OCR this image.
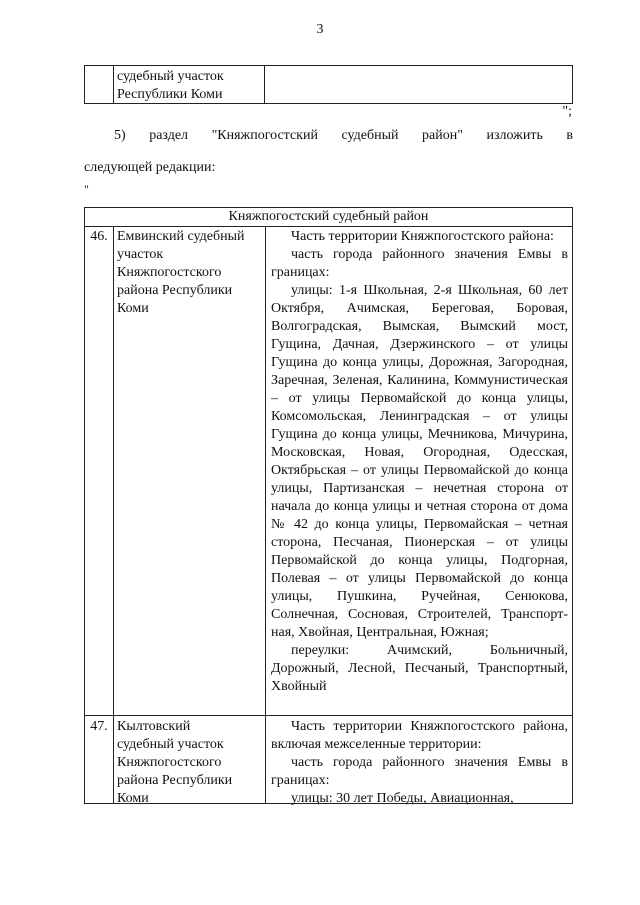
3
судебный участок
Республики Коми
";
5) раздел "Княжпогостский судебный район" изложить в
следующей редакции:
"
Княжпогостский судебный район
46. Емвинский судебный
участок
Княжпогостского
района Республики
Коми

Часть территории Княжпогостского района:

часть города районного значения Емвы в границах:

улицы: 1-я Школьная, 2-я Школьная, 60 лет Октября, Ачимская, Береговая, Боровая, Волгоградская, Вымская, Вымский мост, Гущина, Дачная, Дзержинского – от улицы Гущина до конца улицы, Дорожная, Загородная, Заречная, Зеленая, Калинина, Коммунистическая – от улицы Первомайской до конца улицы, Комсомольская, Ленинградская – от улицы Гущина до конца улицы, Мечникова, Мичурина, Московская, Новая, Огородная, Одесская, Октябрьская – от улицы Первомайской до конца улицы, Партизанская – нечетная сторона от начала до конца улицы и четная сторона от дома № 42 до конца улицы, Первомайская – четная сторона, Песчаная, Пионерская – от улицы Первомайской до конца улицы, Подгорная, Полевая – от улицы Первомайской до конца улицы, Пушкина, Ручейная, Сенюкова, Солнечная, Сосновая, Строителей, Транспорт-ная, Хвойная, Центральная, Южная;

переулки: Ачимский, Больничный, Дорожный, Лесной, Песчаный, Транспортный, Хвойный

47. Кылтовский
судебный участок
Княжпогостского
района Республики
Коми

Часть территории Княжпогостского района, включая межселенные территории:

часть города районного значения Емвы в границах:

улицы: 30 лет Победы, Авиационная,
